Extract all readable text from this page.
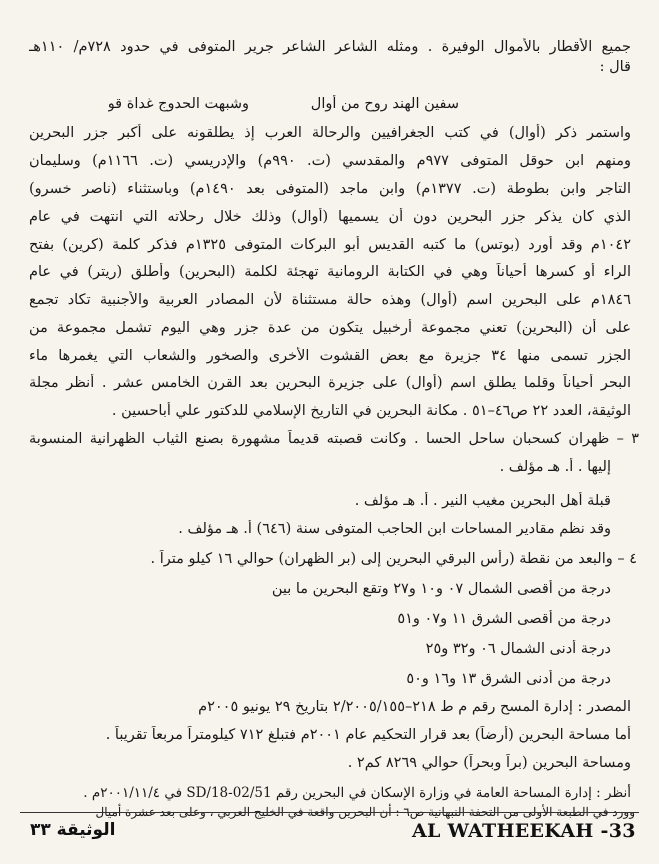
جميع الأقطار بالأموال الوفيرة . ومثله الشاعر الشاعر جرير المتوفى في حدود ٧٢٨م/ ١١٠هـ
قال :
وشبهت الحدوج غداة قو	سفين الهند روح من أوال
واستمر ذكر (أوال) في كتب الجغرافيين والرحالة العرب إذ يطلقونه على أكبر جزر البحرين
ومنهم ابن حوقل المتوفى ٩٧٧م والمقدسي (ت. ٩٩٠م) والإدريسي (ت. ١١٦٦م) وسليمان
التاجر وابن بطوطة (ت. ١٣٧٧م) وابن ماجد (المتوفى بعد ١٤٩٠م) وباستثناء (ناصر خسرو)
الذي كان يذكر جزر البحرين دون أن يسميها (أوال) وذلك خلال رحلاته التي انتهت في عام
١٠٤٢م وقد أورد (بوتس) ما كتبه القديس أبو البركات المتوفى ١٣٢٥م فذكر كلمة (كرين) بفتح
الراء أو كسرها أحياناً وهي في الكتابة الرومانية تهجئة لكلمة (البحرين) وأطلق (ريتر) في عام
١٨٤٦م على البحرين اسم (أوال) وهذه حالة مستثناة لأن المصادر العربية والأجنبية تكاد تجمع
على أن (البحرين) تعني مجموعة أرخبيل يتكون من عدة جزر وهي اليوم تشمل مجموعة من
الجزر تسمى منها ٣٤ جزيرة مع بعض القشوت الأخرى والصخور والشعاب التي يغمرها ماء
البحر أحياناً وقلما يطلق اسم (أوال) على جزيرة البحرين بعد القرن الخامس عشر . أنظر مجلة
الوثيقة، العدد ٢٢ ص٤٦–٥١ . مكانة البحرين في التاريخ الإسلامي للدكتور علي أباحسين .
٣ – ظهران كسحبان ساحل الحسا . وكانت قصبته قديماً مشهورة بصنع الثياب الظهرانية المنسوبة
إليها . أ. هـ مؤلف .
قبلة أهل البحرين مغيب النير . أ. هـ مؤلف .
وقد نظم مقادير المساحات ابن الحاجب المتوفى سنة (٦٤٦) أ. هـ مؤلف .
٤ – والبعد من نقطة (رأس البرقي البحرين إلى (بر الظهران) حوالي ١٦ كيلو متراً .
درجة من أقصى الشمال ٠٧ و١٠ و٢٧ وتقع البحرين ما بين
درجة من أقصى الشرق ١١ و٠٧ و٥١
درجة أدنى الشمال ٠٦ و٣٢ و٢٥
درجة من أدنى الشرق ١٣ و١٦ و٥٠
المصدر : إدارة المسح رقم م ط ٢١٨–٢/٢٠٠٥/١٥٥ بتاريخ ٢٩ يونيو ٢٠٠٥م
أما مساحة البحرين (أرضاً) بعد قرار التحكيم عام ٢٠٠١م فتبلغ ٧١٢ كيلومتراً مربعاً تقريباً .
ومساحة البحرين (براً وبحراً) حوالي ٨٢٦٩ كم٢ .
أنظر : إدارة المساحة العامة في وزارة الإسكان في البحرين رقم SD/18-02/51 في ٢٠٠١/١١/٤م .
وورد في الطبعة الأولى من التحفة النبهانية ص٦ : أن البحرين واقعة في الخليج العربي ، وعلى بعد عشرة أميال
AL WATHEEKAH -33
الوثيقة ٣٣
